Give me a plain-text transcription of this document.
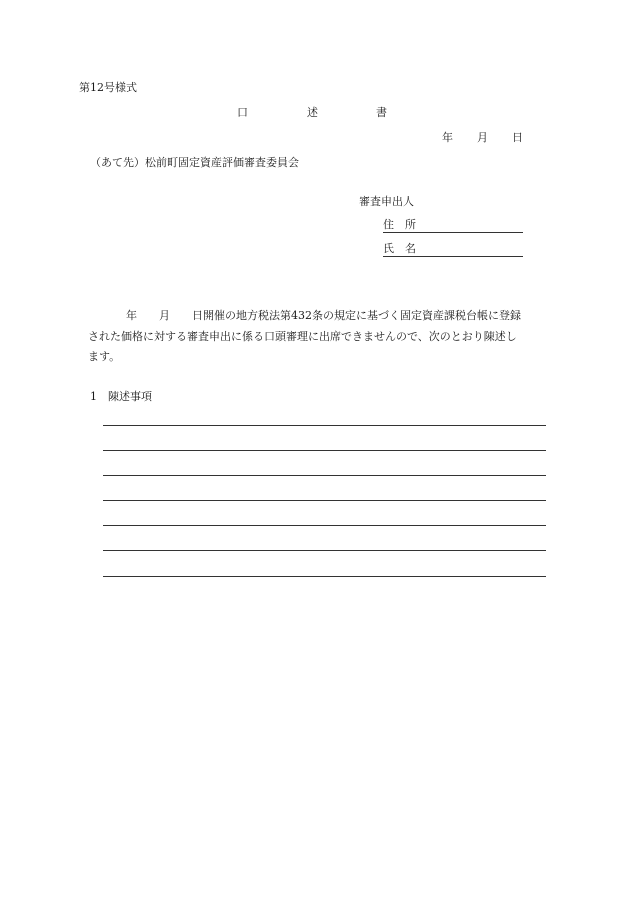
第12号様式
口	述	書
年 月 日
（あて先）松前町固定資産評価審査委員会
審査申出人
住　所
氏　名
年　　月　　日開催の地方税法第432条の規定に基づく固定資産課税台帳に登録
された価格に対する審査申出に係る口頭審理に出席できませんので、次のとおり陳述し
ます。
1　陳述事項
